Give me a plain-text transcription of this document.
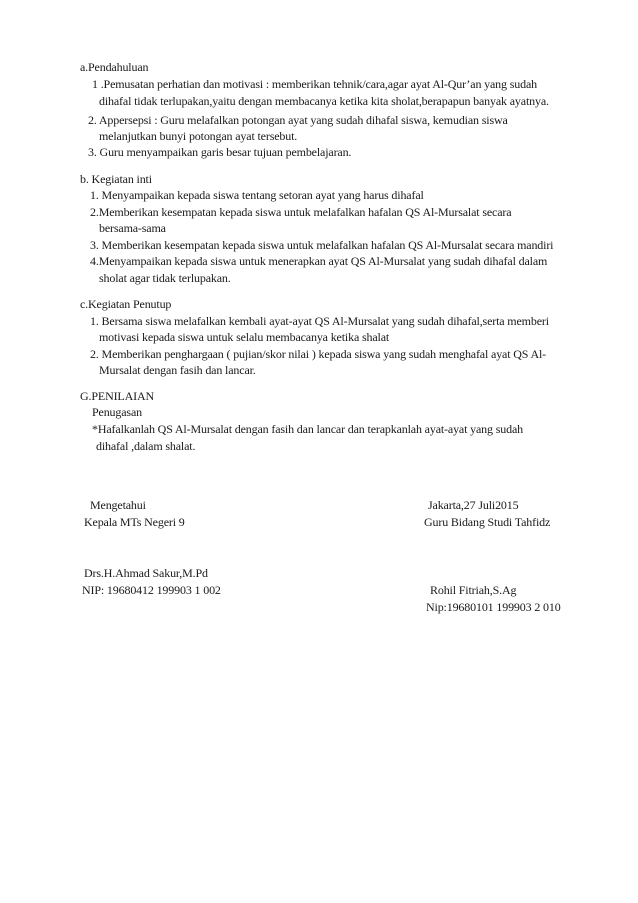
a.Pendahuluan
1 .Pemusatan perhatian dan motivasi : memberikan tehnik/cara,agar ayat Al-Qur’an yang sudah
dihafal tidak terlupakan,yaitu dengan membacanya ketika kita sholat,berapapun banyak ayatnya.
2. Appersepsi : Guru melafalkan potongan ayat yang sudah dihafal siswa, kemudian siswa
melanjutkan bunyi potongan ayat tersebut.
3. Guru menyampaikan garis besar tujuan pembelajaran.
b. Kegiatan inti
1. Menyampaikan kepada siswa tentang setoran ayat yang harus dihafal
2.Memberikan kesempatan kepada siswa untuk melafalkan hafalan QS Al-Mursalat secara
bersama-sama
3. Memberikan kesempatan kepada siswa untuk melafalkan hafalan QS Al-Mursalat secara mandiri
4.Menyampaikan kepada siswa untuk menerapkan ayat QS Al-Mursalat yang sudah dihafal dalam
sholat agar tidak terlupakan.
c.Kegiatan Penutup
1. Bersama siswa melafalkan kembali ayat-ayat QS Al-Mursalat yang sudah dihafal,serta memberi
motivasi kepada siswa untuk selalu membacanya ketika shalat
2. Memberikan penghargaan ( pujian/skor nilai ) kepada siswa yang sudah menghafal ayat QS Al-
Mursalat dengan fasih dan lancar.
G.PENILAIAN
Penugasan
*Hafalkanlah QS Al-Mursalat dengan fasih dan lancar dan terapkanlah ayat-ayat yang sudah
dihafal ,dalam shalat.
Mengetahui
Kepala MTs Negeri 9
Drs.H.Ahmad Sakur,M.Pd
NIP: 19680412 199903 1 002
Jakarta,27 Juli2015
Guru Bidang Studi Tahfidz
Rohil Fitriah,S.Ag
Nip:19680101 199903 2 010
